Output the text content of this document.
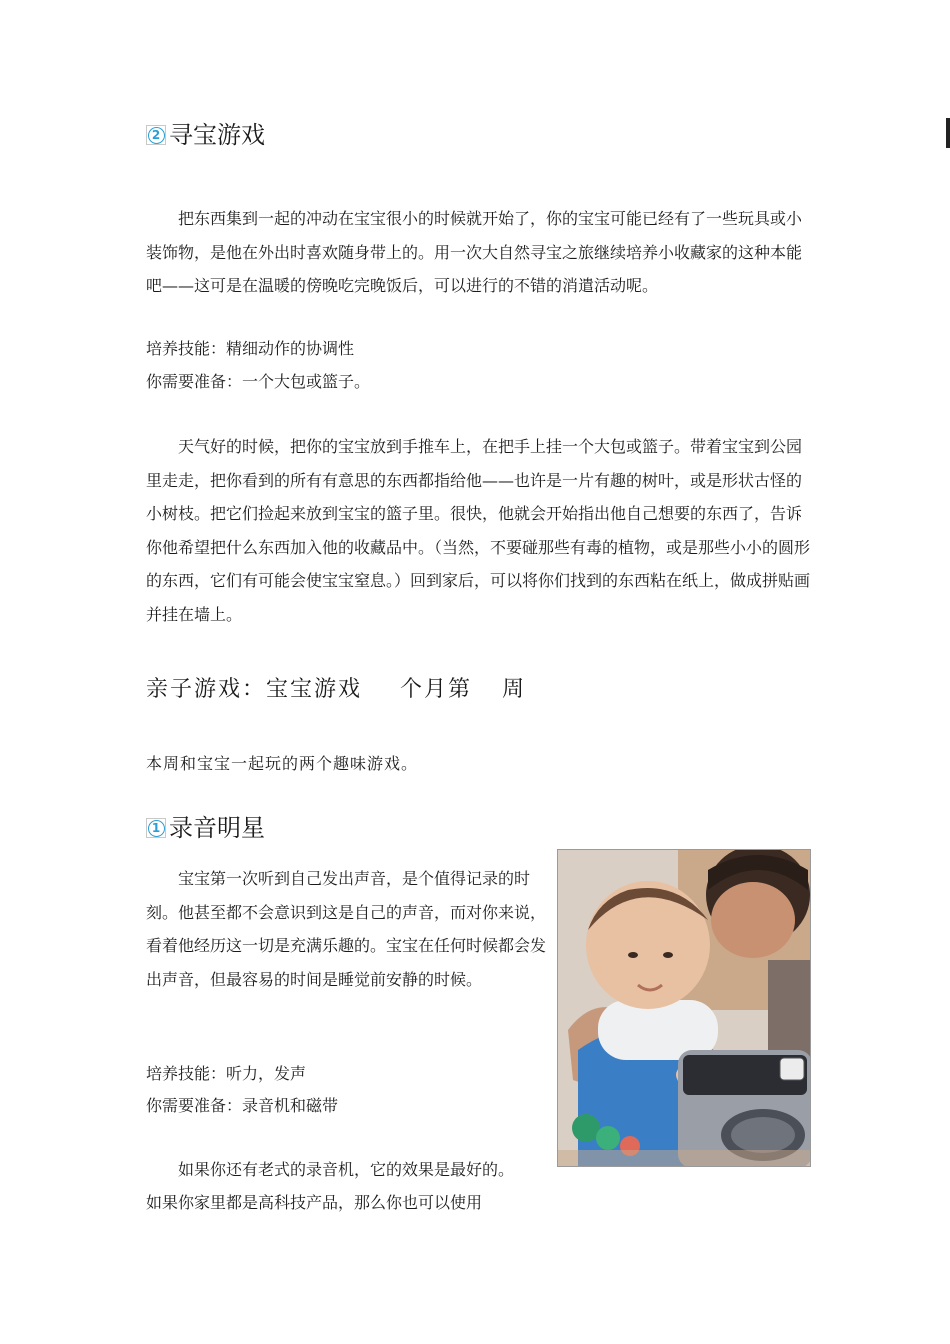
2 寻宝游戏

把东西集到一起的冲动在宝宝很小的时候就开始了，你的宝宝可能已经有了一些玩具或小装饰物，是他在外出时喜欢随身带上的。用一次大自然寻宝之旅继续培养小收藏家的这种本能吧——这可是在温暖的傍晚吃完晚饭后，可以进行的不错的消遣活动呢。

培养技能：精细动作的协调性
你需要准备：一个大包或篮子。

天气好的时候，把你的宝宝放到手推车上，在把手上挂一个大包或篮子。带着宝宝到公园里走走，把你看到的所有有意思的东西都指给他——也许是一片有趣的树叶，或是形状古怪的小树枝。把它们捡起来放到宝宝的篮子里。很快，他就会开始指出他自己想要的东西了，告诉你他希望把什么东西加入他的收藏品中。（当然，不要碰那些有毒的植物，或是那些小小的圆形的东西，它们有可能会使宝宝窒息。）回到家后，可以将你们找到的东西粘在纸上，做成拼贴画并挂在墙上。

亲子游戏：宝宝游戏 个月第 周
本周和宝宝一起玩的两个趣味游戏。
1 录音明星

宝宝第一次听到自己发出声音，是个值得记录的时刻。他甚至都不会意识到这是自己的声音，而对你来说，看着他经历这一切是充满乐趣的。宝宝在任何时候都会发出声音，但最容易的时间是睡觉前安静的时候。

培养技能：听力，发声
你需要准备：录音机和磁带
如果你还有老式的录音机，它的效果是最好的。
如果你家里都是高科技产品，那么你也可以使用
